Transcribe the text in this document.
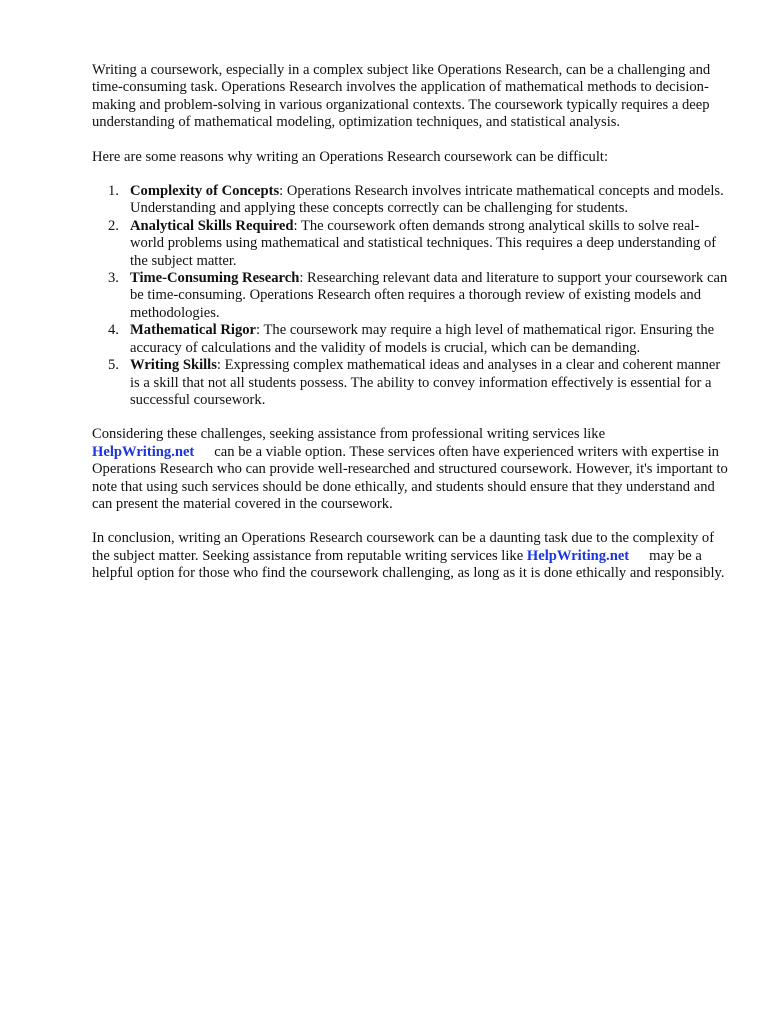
Writing a coursework, especially in a complex subject like Operations Research, can be a challenging and time-consuming task. Operations Research involves the application of mathematical methods to decision-making and problem-solving in various organizational contexts. The coursework typically requires a deep understanding of mathematical modeling, optimization techniques, and statistical analysis.

Here are some reasons why writing an Operations Research coursework can be difficult:

1. Complexity of Concepts: Operations Research involves intricate mathematical concepts and models. Understanding and applying these concepts correctly can be challenging for students.
2. Analytical Skills Required: The coursework often demands strong analytical skills to solve real-world problems using mathematical and statistical techniques. This requires a deep understanding of the subject matter.
3. Time-Consuming Research: Researching relevant data and literature to support your coursework can be time-consuming. Operations Research often requires a thorough review of existing models and methodologies.
4. Mathematical Rigor: The coursework may require a high level of mathematical rigor. Ensuring the accuracy of calculations and the validity of models is crucial, which can be demanding.
5. Writing Skills: Expressing complex mathematical ideas and analyses in a clear and coherent manner is a skill that not all students possess. The ability to convey information effectively is essential for a successful coursework.

Considering these challenges, seeking assistance from professional writing services like HelpWriting.net can be a viable option. These services often have experienced writers with expertise in Operations Research who can provide well-researched and structured coursework. However, it's important to note that using such services should be done ethically, and students should ensure that they understand and can present the material covered in the coursework.

In conclusion, writing an Operations Research coursework can be a daunting task due to the complexity of the subject matter. Seeking assistance from reputable writing services like HelpWriting.net may be a helpful option for those who find the coursework challenging, as long as it is done ethically and responsibly.
